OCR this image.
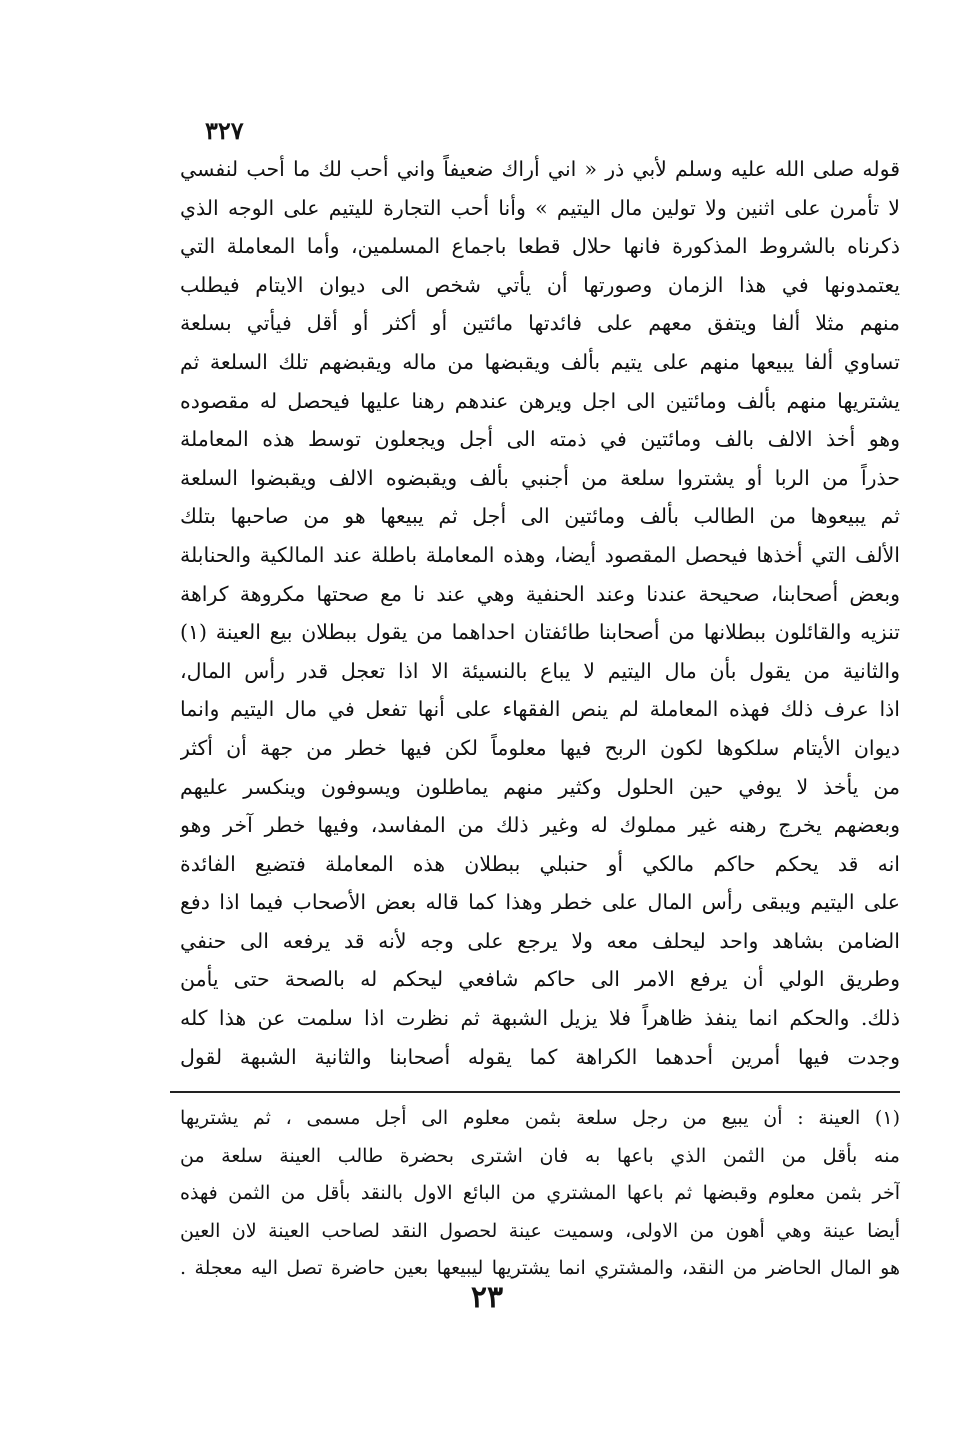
٣٢٧
قوله صلى الله عليه وسلم لأبي ذر « اني أراك ضعيفاً واني أحب لك ما أحب لنفسي
لا تأمرن على اثنين ولا تولين مال اليتيم » وأنا أحب التجارة لليتيم على الوجه الذي
ذكرناه بالشروط المذكورة فانها حلال قطعا باجماع المسلمين، وأما المعاملة التي
يعتمدونها في هذا الزمان وصورتها أن يأتي شخص الى ديوان الايتام فيطلب
منهم مثلا ألفا ويتفق معهم على فائدتها مائتين أو أكثر أو أقل فيأتي بسلعة
تساوي ألفا يبيعها منهم على يتيم بألف ويقبضها من ماله ويقبضهم تلك السلعة ثم
يشتريها منهم بألف ومائتين الى اجل ويرهن عندهم رهنا عليها فيحصل له مقصوده
وهو أخذ الالف بالف ومائتين في ذمته الى أجل ويجعلون توسط هذه المعاملة
حذراً من الربا أو يشتروا سلعة من أجنبي بألف ويقبضوه الالف ويقبضوا السلعة
ثم يبيعوها من الطالب بألف ومائتين الى أجل ثم يبيعها هو من صاحبها بتلك
الألف التي أخذها فيحصل المقصود أيضا، وهذه المعاملة باطلة عند المالكية والحنابلة
وبعض أصحابنا، صحيحة عندنا وعند الحنفية وهي عند نا مع صحتها مكروهة كراهة
تنزيه والقائلون ببطلانها من أصحابنا طائفتان احداهما من يقول ببطلان بيع العينة (١)
والثانية من يقول بأن مال اليتيم لا يباع بالنسيئة الا اذا تعجل قدر رأس المال،
اذا عرف ذلك فهذه المعاملة لم ينص الفقهاء على أنها تفعل في مال اليتيم وانما
ديوان الأيتام سلكوها لكون الربح فيها معلوماً لكن فيها خطر من جهة أن أكثر
من يأخذ لا يوفي حين الحلول وكثير منهم يماطلون ويسوفون وينكسر عليهم
وبعضهم يخرج رهنه غير مملوك له وغير ذلك من المفاسد، وفيها خطر آخر وهو
انه قد يحكم حاكم مالكي أو حنبلي ببطلان هذه المعاملة فتضيع الفائدة
على اليتيم ويبقى رأس المال على خطر وهذا كما قاله بعض الأصحاب فيما اذا دفع
الضامن بشاهد واحد ليحلف معه ولا يرجع على وجه لأنه قد يرفعه الى حنفي
وطريق الولي أن يرفع الامر الى حاكم شافعي ليحكم له بالصحة حتى يأمن
ذلك. والحكم انما ينفذ ظاهراً فلا يزيل الشبهة ثم نظرت اذا سلمت عن هذا كله
وجدت فيها أمرين أحدهما الكراهة كما يقوله أصحابنا والثانية الشبهة لقول
(١) العينة : أن يبيع من رجل سلعة بثمن معلوم الى أجل مسمى ، ثم يشتريها
منه بأقل من الثمن الذي باعها به فان اشترى بحضرة طالب العينة سلعة من
آخر بثمن معلوم وقبضها ثم باعها المشتري من البائع الاول بالنقد بأقل من الثمن فهذه
أيضا عينة وهي أهون من الاولى، وسميت عينة لحصول النقد لصاحب العينة لان العين
هو المال الحاضر من النقد، والمشتري انما يشتريها ليبيعها بعين حاضرة تصل اليه معجلة .
٢٣
